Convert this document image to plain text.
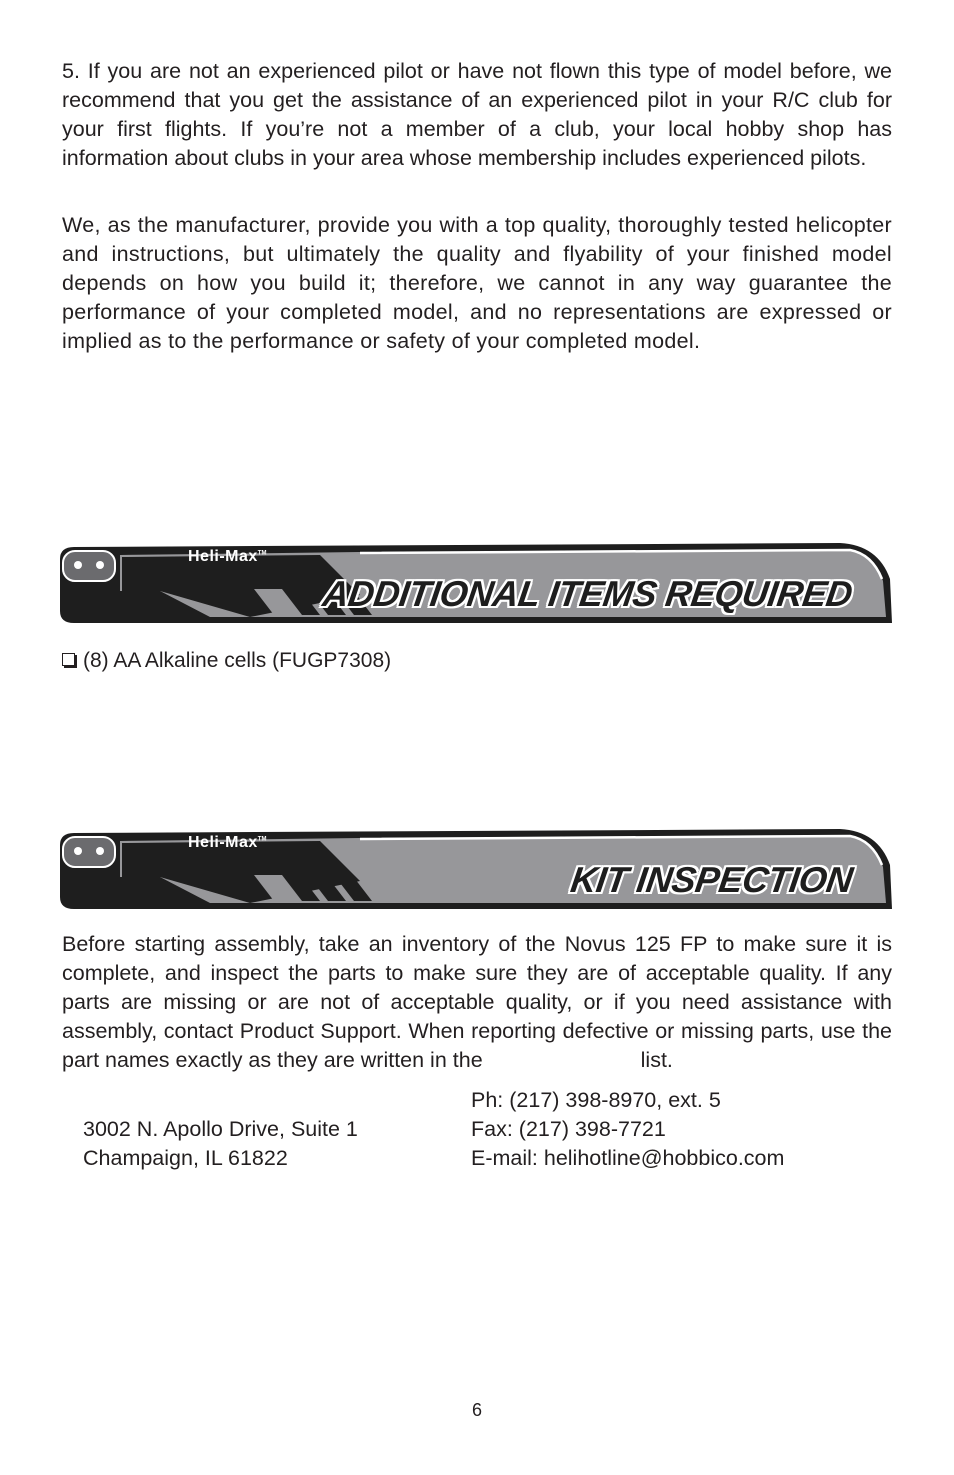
5. If you are not an experienced pilot or have not flown this type of model before, we recommend that you get the assistance of an experienced pilot in your R/C club for your first flights. If you’re not a member of a club, your local hobby shop has information about clubs in your area whose membership includes experienced pilots.

We, as the manufacturer, provide you with a top quality, thoroughly tested helicopter and instructions, but ultimately the quality and flyability of your finished model depends on how you build it; therefore, we cannot in any way guarantee the performance of your completed model, and no representations are expressed or implied as to the performance or safety of your completed model.

Heli-Max™
ADDITIONAL ITEMS REQUIRED
(8) AA Alkaline cells (FUGP7308)
Heli-Max™
KIT INSPECTION

Before starting assembly, take an inventory of the Novus 125 FP to make sure it is complete, and inspect the parts to make sure they are of acceptable quality. If any parts are missing or are not of acceptable quality, or if you need assistance with assembly, contact Product Support. When reporting defective or missing parts, use the part names exactly as they are written in the	list.

3002 N. Apollo Drive, Suite 1
Champaign, IL 61822
Ph: (217) 398-8970, ext. 5
Fax: (217) 398-7721
E-mail: helihotline@hobbico.com
6
